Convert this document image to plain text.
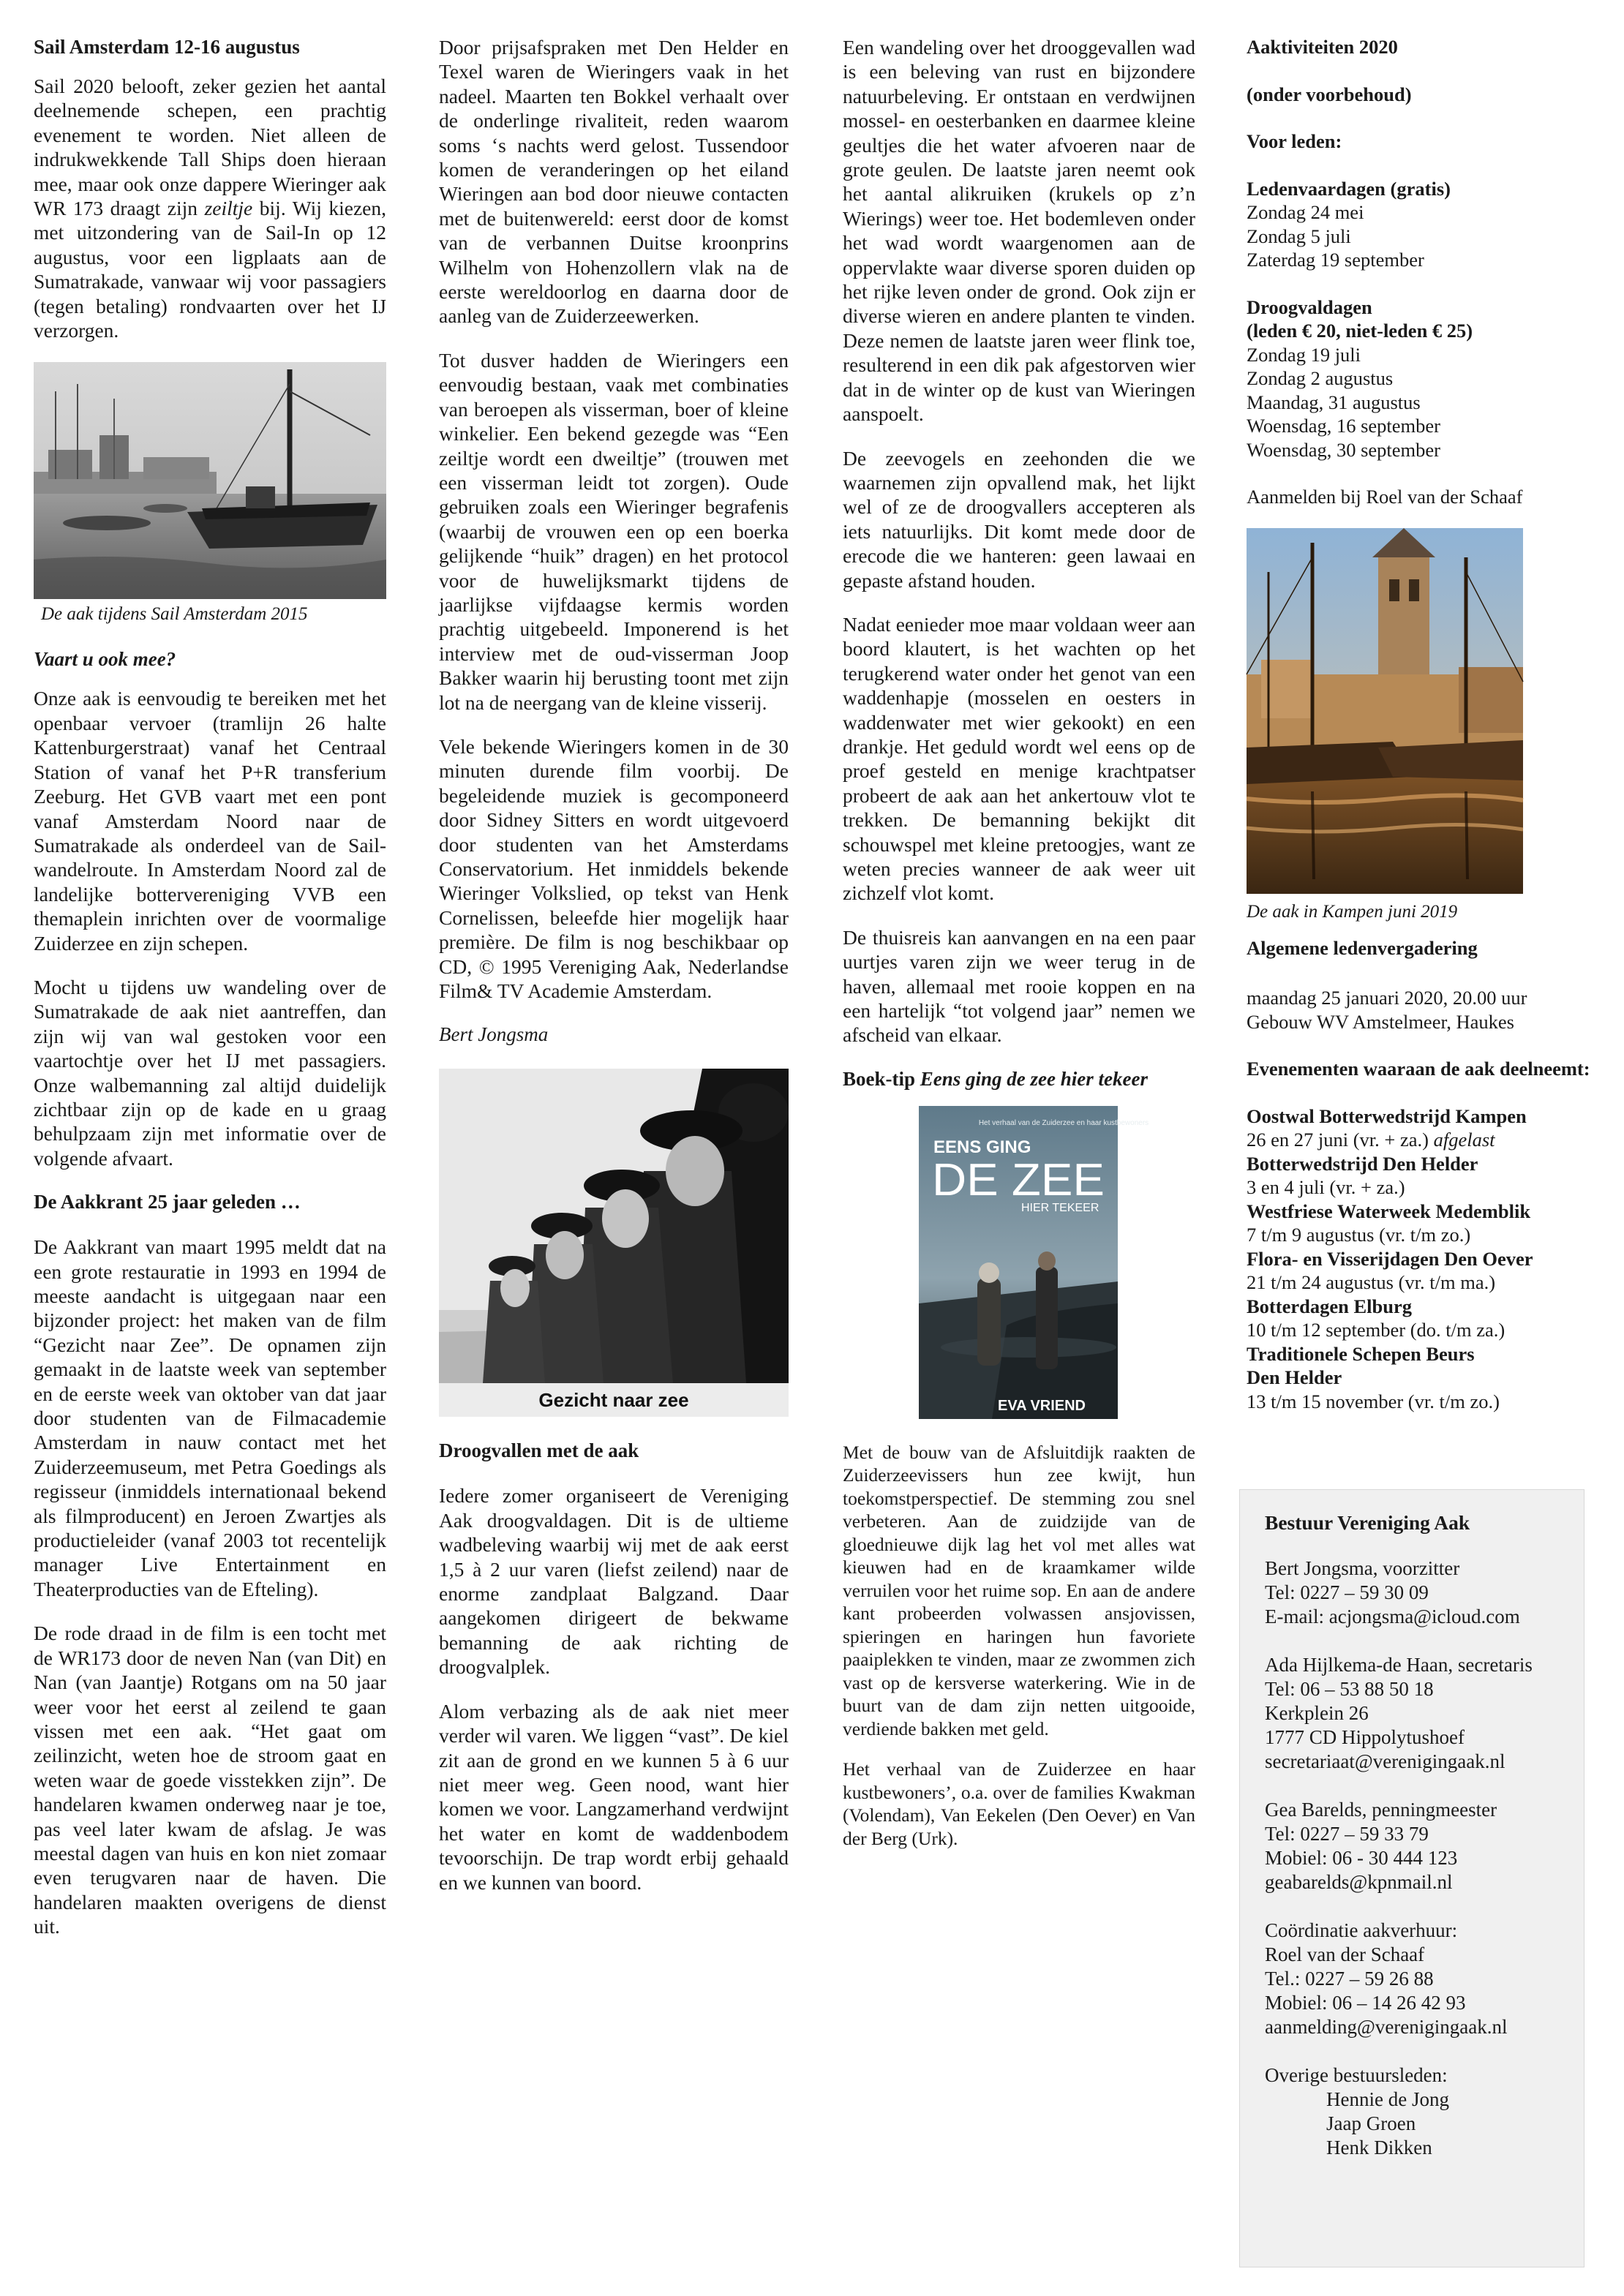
Sail Amsterdam 12-16 augustus
Sail 2020 belooft, zeker gezien het aantal deelnemende schepen, een prachtig evenement te worden. Niet alleen de indrukwekkende Tall Ships doen hieraan mee, maar ook onze dappere Wieringer aak WR 173 draagt zijn zeiltje bij. Wij kiezen, met uitzondering van de Sail-In op 12 augustus, voor een ligplaats aan de Sumatrakade, vanwaar wij voor passagiers (tegen betaling) rondvaarten over het IJ verzorgen.
De aak tijdens Sail Amsterdam 2015
Vaart u ook mee?
Onze aak is eenvoudig te bereiken met het openbaar vervoer (tramlijn 26 halte Kattenburgerstraat) vanaf het Centraal Station of vanaf het P+R transferium Zeeburg. Het GVB vaart met een pont vanaf Amsterdam Noord naar de Sumatrakade als onderdeel van de Sail-wandelroute. In Amsterdam Noord zal de landelijke bottervereniging VVB een themaplein inrichten over de voormalige Zuiderzee en zijn schepen.
Mocht u tijdens uw wandeling over de Sumatrakade de aak niet aantreffen, dan zijn wij van wal gestoken voor een vaartochtje over het IJ met passagiers. Onze walbemanning zal altijd duidelijk zichtbaar zijn op de kade en u graag behulpzaam zijn met informatie over de volgende afvaart.
De Aakkrant 25 jaar geleden …
De Aakkrant van maart 1995 meldt dat na een grote restauratie in 1993 en 1994 de meeste aandacht is uitgegaan naar een bijzonder project: het maken van de film “Gezicht naar Zee”. De opnamen zijn gemaakt in de laatste week van september en de eerste week van oktober van dat jaar door studenten van de Filmacademie Amsterdam in nauw contact met het Zuiderzeemuseum, met Petra Goedings als regisseur (inmiddels internationaal bekend als filmproducent) en Jeroen Zwartjes als productieleider (vanaf 2003 tot recentelijk manager Live Entertainment en Theaterproducties van de Efteling).
De rode draad in de film is een tocht met de WR173 door de neven Nan (van Dit) en Nan (van Jaantje) Rotgans om na 50 jaar weer voor het eerst al zeilend te gaan vissen met een aak. “Het gaat om zeilinzicht, weten hoe de stroom gaat en weten waar de goede visstekken zijn”. De handelaren kwamen onderweg naar je toe, pas veel later kwam de afslag. Je was meestal dagen van huis en kon niet zomaar even terugvaren naar de haven. Die handelaren maakten overigens de dienst uit.
Door prijsafspraken met Den Helder en Texel waren de Wieringers vaak in het nadeel. Maarten ten Bokkel verhaalt over de onderlinge rivaliteit, reden waarom soms ‘s nachts werd gelost. Tussendoor komen de veranderingen op het eiland Wieringen aan bod door nieuwe contacten met de buitenwereld: eerst door de komst van de verbannen Duitse kroonprins Wilhelm von Hohenzollern vlak na de eerste wereldoorlog en daarna door de aanleg van de Zuiderzeewerken.
Tot dusver hadden de Wieringers een eenvoudig bestaan, vaak met combinaties van beroepen als visserman, boer of kleine winkelier. Een bekend gezegde was “Een zeiltje wordt een dweiltje” (trouwen met een visserman leidt tot zorgen). Oude gebruiken zoals een Wieringer begrafenis (waarbij de vrouwen een op een boerka gelijkende “huik” dragen) en het protocol voor de huwelijksmarkt tijdens de jaarlijkse vijfdaagse kermis worden prachtig uitgebeeld. Imponerend is het interview met de oud-visserman Joop Bakker waarin hij berusting toont met zijn lot na de neergang van de kleine visserij.
Vele bekende Wieringers komen in de 30 minuten durende film voorbij. De begeleidende muziek is gecomponeerd door Sidney Sitters en wordt uitgevoerd door studenten van het Amsterdams Conservatorium. Het inmiddels bekende Wieringer Volkslied, op tekst van Henk Cornelissen, beleefde hier mogelijk haar première. De film is nog beschikbaar op CD, © 1995 Vereniging Aak, Nederlandse Film& TV Academie Amsterdam.
Bert Jongsma
Gezicht naar zee
Droogvallen met de aak
Iedere zomer organiseert de Vereniging Aak droogvaldagen. Dit is de ultieme wadbeleving waarbij wij met de aak eerst 1,5 à 2 uur varen (liefst zeilend) naar de enorme zandplaat Balgzand. Daar aangekomen dirigeert de bekwame bemanning de aak richting de droogvalplek.
Alom verbazing als de aak niet meer verder wil varen. We liggen “vast”. De kiel zit aan de grond en we kunnen 5 à 6 uur niet meer weg. Geen nood, want hier komen we voor. Langzamerhand verdwijnt het water en komt de waddenbodem tevoorschijn. De trap wordt erbij gehaald en we kunnen van boord.
Een wandeling over het drooggevallen wad is een beleving van rust en bijzondere natuurbeleving. Er ontstaan en verdwijnen mossel- en oesterbanken en daarmee kleine geultjes die het water afvoeren naar de grote geulen. De laatste jaren neemt ook het aantal alikruiken (krukels op z’n Wierings) weer toe. Het bodemleven onder het wad wordt waargenomen aan de oppervlakte waar diverse sporen duiden op het rijke leven onder de grond. Ook zijn er diverse wieren en andere planten te vinden. Deze nemen de laatste jaren weer flink toe, resulterend in een dik pak afgestorven wier dat in de winter op de kust van Wieringen aanspoelt.
De zeevogels en zeehonden die we waarnemen zijn opvallend mak, het lijkt wel of ze de droogvallers accepteren als iets natuurlijks. Dit komt mede door de erecode die we hanteren: geen lawaai en gepaste afstand houden.
Nadat eenieder moe maar voldaan weer aan boord klautert, is het wachten op het terugkerend water onder het genot van een waddenhapje (mosselen en oesters in waddenwater met wier gekookt) en een drankje. Het geduld wordt wel eens op de proef gesteld en menige krachtpatser probeert de aak aan het ankertouw vlot te trekken. De bemanning bekijkt dit schouwspel met kleine pretoogjes, want ze weten precies wanneer de aak weer uit zichzelf vlot komt.
De thuisreis kan aanvangen en na een paar uurtjes varen zijn we weer terug in de haven, allemaal met rooie koppen en na een hartelijk “tot volgend jaar” nemen we afscheid van elkaar.
Boek-tip Eens ging de zee hier tekeer
Het verhaal van de Zuiderzee en haar kustbewoners
EENS GING
DE ZEE
HIER TEKEER
EVA VRIEND
Met de bouw van de Afsluitdijk raakten de Zuiderzeevissers hun zee kwijt, hun toekomstperspectief. De stemming zou snel verbeteren. Aan de zuidzijde van de gloednieuwe dijk lag het vol met alles wat kieuwen had en de kraamkamer wilde verruilen voor het ruime sop. En aan de andere kant probeerden volwassen ansjovissen, spieringen en haringen hun favoriete paaiplekken te vinden, maar ze zwommen zich vast op de kersverse waterkering. Wie in de buurt van de dam zijn netten uitgooide, verdiende bakken met geld.
Het verhaal van de Zuiderzee en haar kustbewoners’, o.a. over de families Kwakman (Volendam), Van Eekelen (Den Oever) en Van der Berg (Urk).
Aaktiviteiten 2020
(onder voorbehoud)
Voor leden:
Ledenvaardagen (gratis)
Zondag 24 mei
Zondag 5 juli
Zaterdag 19 september
Droogvaldagen
(leden € 20, niet-leden € 25)
Zondag 19 juli
Zondag 2 augustus
Maandag, 31 augustus
Woensdag, 16 september
Woensdag, 30 september
Aanmelden bij Roel van der Schaaf
De aak in Kampen juni 2019
Algemene ledenvergadering
maandag 25 januari 2020, 20.00 uur
Gebouw WV Amstelmeer, Haukes
Evenementen waaraan de aak deelneemt:
Oostwal Botterwedstrijd Kampen
26 en 27 juni (vr. + za.) afgelast
Botterwedstrijd Den Helder
3 en 4 juli (vr. + za.)
Westfriese Waterweek Medemblik
7 t/m 9 augustus (vr. t/m zo.)
Flora- en Visserijdagen Den Oever
21 t/m 24 augustus (vr. t/m ma.)
Botterdagen Elburg
10 t/m 12 september (do. t/m za.)
Traditionele Schepen Beurs
Den Helder
13 t/m 15 november (vr. t/m zo.)
Bestuur Vereniging Aak
Bert Jongsma, voorzitter
Tel: 0227 – 59 30 09
E-mail: acjongsma@icloud.com
Ada Hijlkema-de Haan, secretaris
Tel: 06 – 53 88 50 18
Kerkplein 26
1777 CD Hippolytushoef
secretariaat@verenigingaak.nl
Gea Barelds, penningmeester
Tel: 0227 – 59 33 79
Mobiel: 06 - 30 444 123
geabarelds@kpnmail.nl
Coördinatie aakverhuur:
Roel van der Schaaf
Tel.: 0227 – 59 26 88
Mobiel: 06 – 14 26 42 93
aanmelding@verenigingaak.nl
Overige bestuursleden:
Hennie de Jong
Jaap Groen
Henk Dikken
